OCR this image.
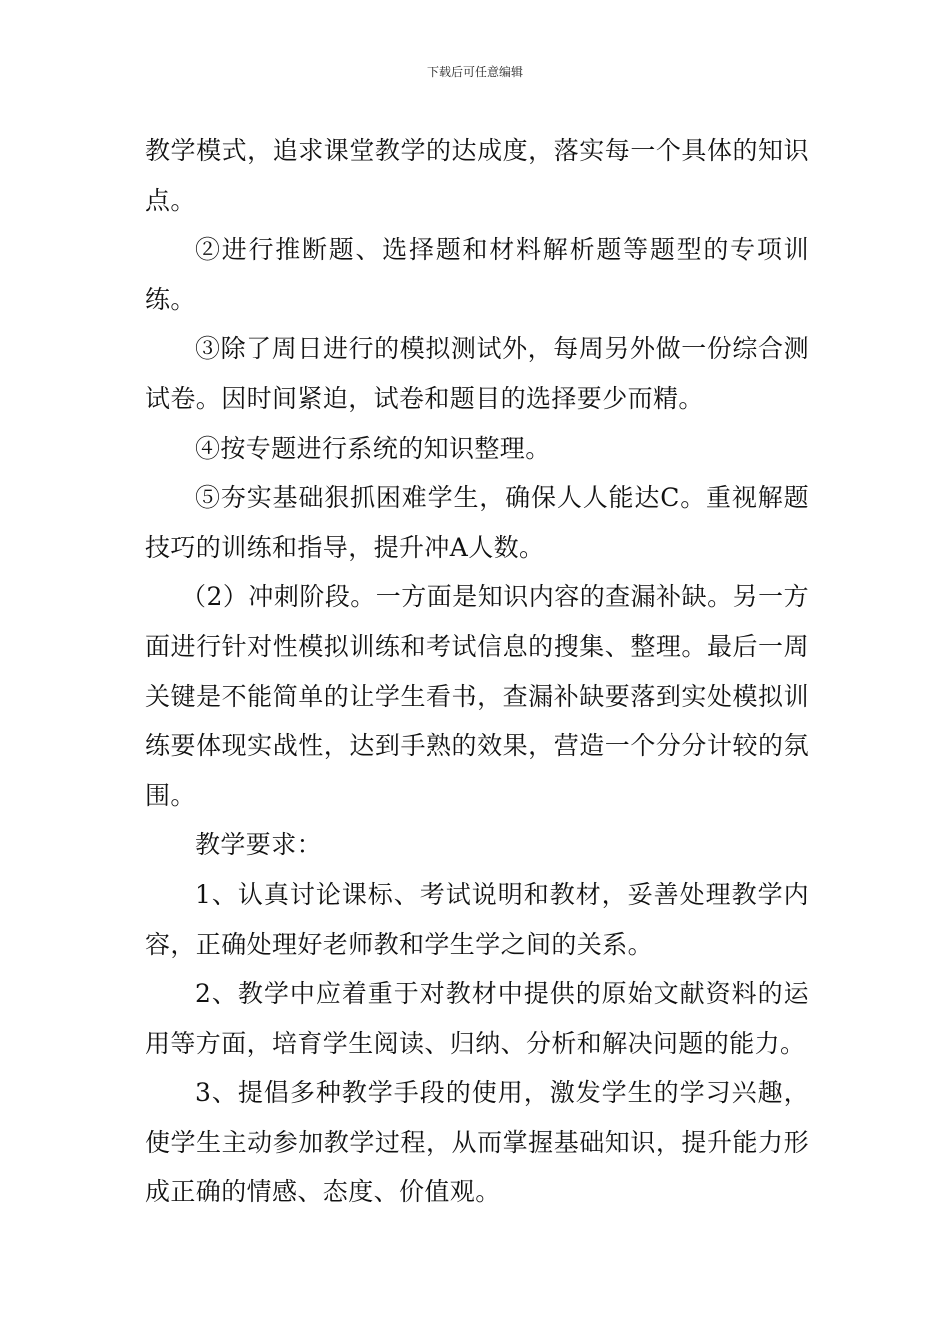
下载后可任意编辑

教学模式，追求课堂教学的达成度，落实每一个具体的知识点。

②进行推断题、选择题和材料解析题等题型的专项训练。

③除了周日进行的模拟测试外，每周另外做一份综合测试卷。因时间紧迫，试卷和题目的选择要少而精。

④按专题进行系统的知识整理。

⑤夯实基础狠抓困难学生，确保人人能达C。重视解题技巧的训练和指导，提升冲A人数。

（2）冲刺阶段。一方面是知识内容的查漏补缺。另一方面进行针对性模拟训练和考试信息的搜集、整理。最后一周关键是不能简单的让学生看书，查漏补缺要落到实处模拟训练要体现实战性，达到手熟的效果，营造一个分分计较的氛围。

教学要求：

1、认真讨论课标、考试说明和教材，妥善处理教学内容，正确处理好老师教和学生学之间的关系。

2、教学中应着重于对教材中提供的原始文献资料的运用等方面，培育学生阅读、归纳、分析和解决问题的能力。

3、提倡多种教学手段的使用，激发学生的学习兴趣，使学生主动参加教学过程，从而掌握基础知识，提升能力形成正确的情感、态度、价值观。
